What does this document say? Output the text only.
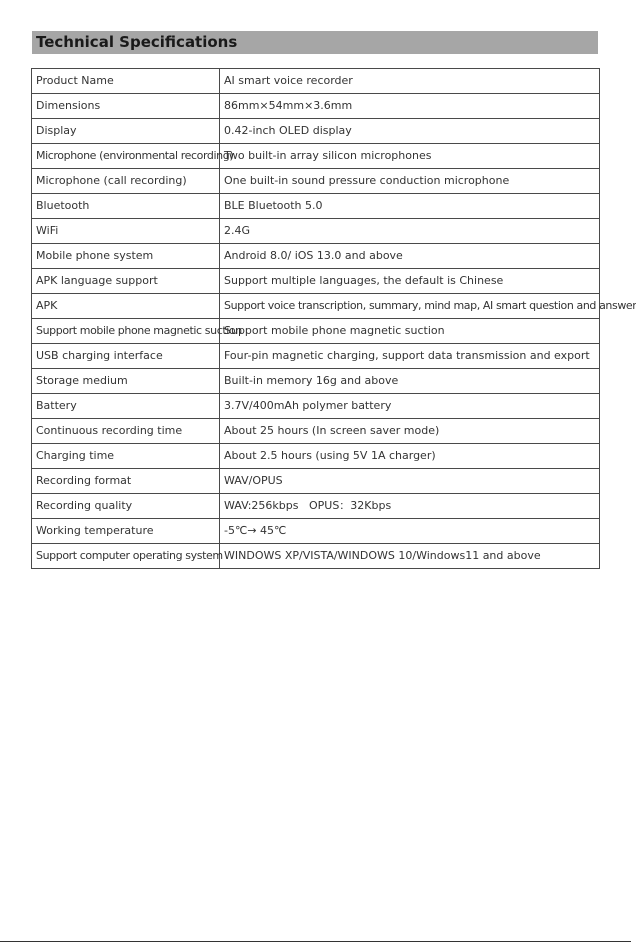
Technical Specifications
Product Name	AI smart voice recorder
Dimensions	86mm×54mm×3.6mm
Display	0.42-inch OLED display
Microphone (environmental recording)	Two built-in array silicon microphones
Microphone (call recording)	One built-in sound pressure conduction microphone
Bluetooth	BLE Bluetooth 5.0
WiFi	2.4G
Mobile phone system	Android 8.0/ iOS 13.0 and above
APK language support	Support multiple languages, the default is Chinese
APK	Support voice transcription, summary, mind map, AI smart question and answer
Support mobile phone magnetic suction	Support mobile phone magnetic suction
USB charging interface	Four-pin magnetic charging, support data transmission and export
Storage medium	Built-in memory 16g and above
Battery	3.7V/400mAh polymer battery
Continuous recording time	About 25 hours (In screen saver mode)
Charging time	About 2.5 hours (using 5V 1A charger)
Recording format	WAV/OPUS
Recording quality	WAV:256kbps   OPUS：32Kbps
Working temperature	-5℃→ 45℃
Support computer operating system	WINDOWS XP/VISTA/WINDOWS 10/Windows11 and above
